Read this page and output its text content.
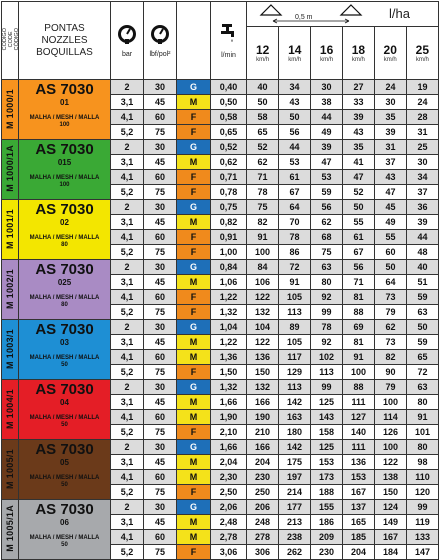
CÓDIGO
CODE
CÓDIGO	PONTAS
NOZZLES
BOQUILLAS	bar	lbf/pol²		l/min

0,5 m	l/ha
12
km/h

14
km/h

16
km/h

18
km/h

20
km/h

25
km/h

M 1000/1	AS 7030
01
MALHA / MESH / MALLA
100
	2	30	G	0,40	40	34	30	27	24	19
3,1	45	M	0,50	50	43	38	33	30	24
4,1	60	F	0,58	58	50	44	39	35	28
5,2	75	F	0,65	65	56	49	43	39	31
M 1000/1A	AS 7030
015
MALHA / MESH / MALLA
100
	2	30	G	0,52	52	44	39	35	31	25
3,1	45	M	0,62	62	53	47	41	37	30
4,1	60	F	0,71	71	61	53	47	43	34
5,2	75	F	0,78	78	67	59	52	47	37
M 1001/1	AS 7030
02
MALHA / MESH / MALLA
80
	2	30	G	0,75	75	64	56	50	45	36
3,1	45	M	0,82	82	70	62	55	49	39
4,1	60	F	0,91	91	78	68	61	55	44
5,2	75	F	1,00	100	86	75	67	60	48
M 1002/1	AS 7030
025
MALHA / MESH / MALLA
80
	2	30	G	0,84	84	72	63	56	50	40
3,1	45	M	1,06	106	91	80	71	64	51
4,1	60	F	1,22	122	105	92	81	73	59
5,2	75	F	1,32	132	113	99	88	79	63
M 1003/1	AS 7030
03
MALHA / MESH / MALLA
50
	2	30	G	1,04	104	89	78	69	62	50
3,1	45	M	1,22	122	105	92	81	73	59
4,1	60	M	1,36	136	117	102	91	82	65
5,2	75	F	1,50	150	129	113	100	90	72
M 1004/1	AS 7030
04
MALHA / MESH / MALLA
50
	2	30	G	1,32	132	113	99	88	79	63
3,1	45	M	1,66	166	142	125	111	100	80
4,1	60	M	1,90	190	163	143	127	114	91
5,2	75	F	2,10	210	180	158	140	126	101
M 1005/1	AS 7030
05
MALHA / MESH / MALLA
50
	2	30	G	1,66	166	142	125	111	100	80
3,1	45	M	2,04	204	175	153	136	122	98
4,1	60	M	2,30	230	197	173	153	138	110
5,2	75	F	2,50	250	214	188	167	150	120
M 1005/1A	AS 7030
06
MALHA / MESH / MALLA
50
	2	30	G	2,06	206	177	155	137	124	99
3,1	45	M	2,48	248	213	186	165	149	119
4,1	60	M	2,78	278	238	209	185	167	133
5,2	75	F	3,06	306	262	230	204	184	147
